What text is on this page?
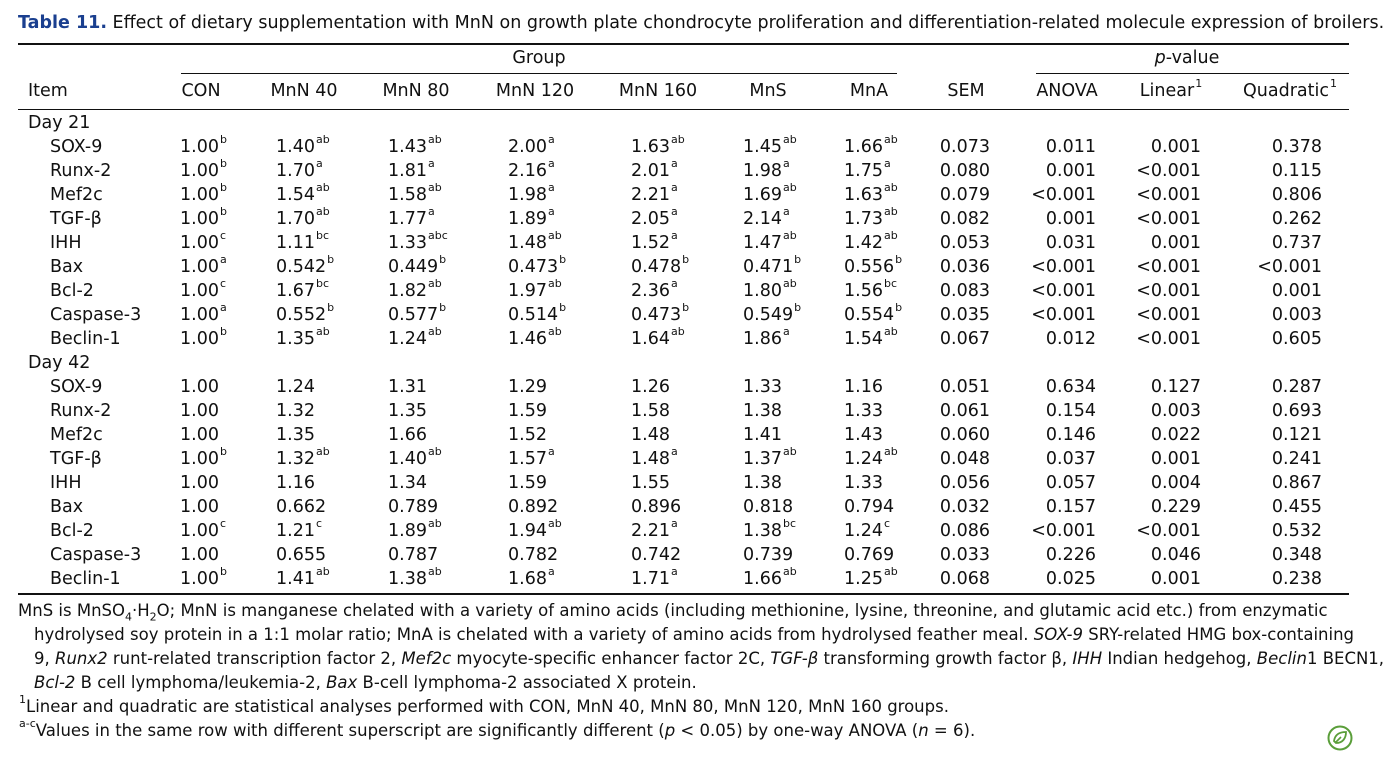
Table 11. Effect of dietary supplementation with MnN on growth plate chondrocyte proliferation and differentiation-related molecule expression of broilers.
Group	p-value
Item	CON	MnN 40	MnN 80	MnN 120	MnN 160	MnS	MnA	SEM	ANOVA Linear$^1$ Quadratic$^1$
Day 21
SOX-9	1.00$^b$	1.40$^{ab}$	1.43$^{ab}$	2.00$^a$	1.63$^{ab}$	1.45$^{ab}$	1.66$^{ab}$ 0.073	0.011	0.001	0.378
Runx-2	1.00$^b$	1.70$^a$	1.81$^a$	2.16$^a$	2.01$^a$	1.98$^a$	1.75$^a$	0.080	0.001 <0.001	0.115
Mef2c	1.00$^b$	1.54$^{ab}$	1.58$^{ab}$	1.98$^a$	2.21$^a$	1.69$^{ab}$	1.63$^{ab}$ 0.079 <0.001 <0.001	0.806
TGF-β	1.00$^b$	1.70$^{ab}$	1.77$^a$	1.89$^a$	2.05$^a$	2.14$^a$	1.73$^{ab}$ 0.082	0.001 <0.001	0.262
IHH	1.00$^c$	1.11$^{bc}$	1.33$^{abc}$	1.48$^{ab}$	1.52$^a$	1.47$^{ab}$	1.42$^{ab}$ 0.053	0.031	0.001	0.737
Bax	1.00$^a$	0.542$^b$	0.449$^b$	0.473$^b$	0.478$^b$	0.471$^b$ 0.556$^b$ 0.036 <0.001 <0.001	<0.001
Bcl-2	1.00$^c$	1.67$^{bc}$	1.82$^{ab}$	1.97$^{ab}$	2.36$^a$	1.80$^{ab}$	1.56$^{bc}$ 0.083 <0.001 <0.001	0.001
Caspase-3 1.00$^a$	0.552$^b$	0.577$^b$	0.514$^b$	0.473$^b$	0.549$^b$ 0.554$^b$ 0.035 <0.001 <0.001	0.003
Beclin-1	1.00$^b$	1.35$^{ab}$	1.24$^{ab}$	1.46$^{ab}$	1.64$^{ab}$	1.86$^a$	1.54$^{ab}$ 0.067	0.012 <0.001	0.605
Day 42
SOX-9	1.00	1.24	1.31	1.29	1.26	1.33	1.16	0.051	0.634	0.127	0.287
Runx-2	1.00	1.32	1.35	1.59	1.58	1.38	1.33	0.061	0.154	0.003	0.693
Mef2c	1.00	1.35	1.66	1.52	1.48	1.41	1.43	0.060	0.146	0.022	0.121
TGF-β	1.00$^b$	1.32$^{ab}$	1.40$^{ab}$	1.57$^a$	1.48$^a$	1.37$^{ab}$	1.24$^{ab}$ 0.048	0.037	0.001	0.241
IHH	1.00	1.16	1.34	1.59	1.55	1.38	1.33	0.056	0.057	0.004	0.867
Bax	1.00	0.662	0.789	0.892	0.896	0.818	0.794	0.032	0.157	0.229	0.455
Bcl-2	1.00$^c$	1.21$^c$	1.89$^{ab}$	1.94$^{ab}$	2.21$^a$	1.38$^{bc}$	1.24$^c$	0.086 <0.001 <0.001	0.532
Caspase-3 1.00	0.655	0.787	0.782	0.742	0.739	0.769	0.033	0.226	0.046	0.348
Beclin-1	1.00$^b$	1.41$^{ab}$	1.38$^{ab}$	1.68$^a$	1.71$^a$	1.66$^{ab}$	1.25$^{ab}$ 0.068	0.025	0.001	0.238
MnS is $MnSO_4\cdot H_2O$; MnN is manganese chelated with a variety of amino acids (including methionine, lysine, threonine, and glutamic acid etc.) from enzymatic
hydrolysed soy protein in a 1:1 molar ratio; MnA is chelated with a variety of amino acids from hydrolysed feather meal. SOX-9 SRY-related HMG box-containing
9, Runx2 runt-related transcription factor 2, Mef2c myocyte-specific enhancer factor 2C, TGF-β transforming growth factor β, IHH Indian hedgehog, Beclin1 BECN1,
Bcl-2 B cell lymphoma/leukemia-2, Bax B-cell lymphoma-2 associated X protein.
$^1$Linear and quadratic are statistical analyses performed with CON, MnN 40, MnN 80, MnN 120, MnN 160 groups.
$^{a-c}$Values in the same row with different superscript are significantly different (p < 0.05) by one-way ANOVA (n = 6).
